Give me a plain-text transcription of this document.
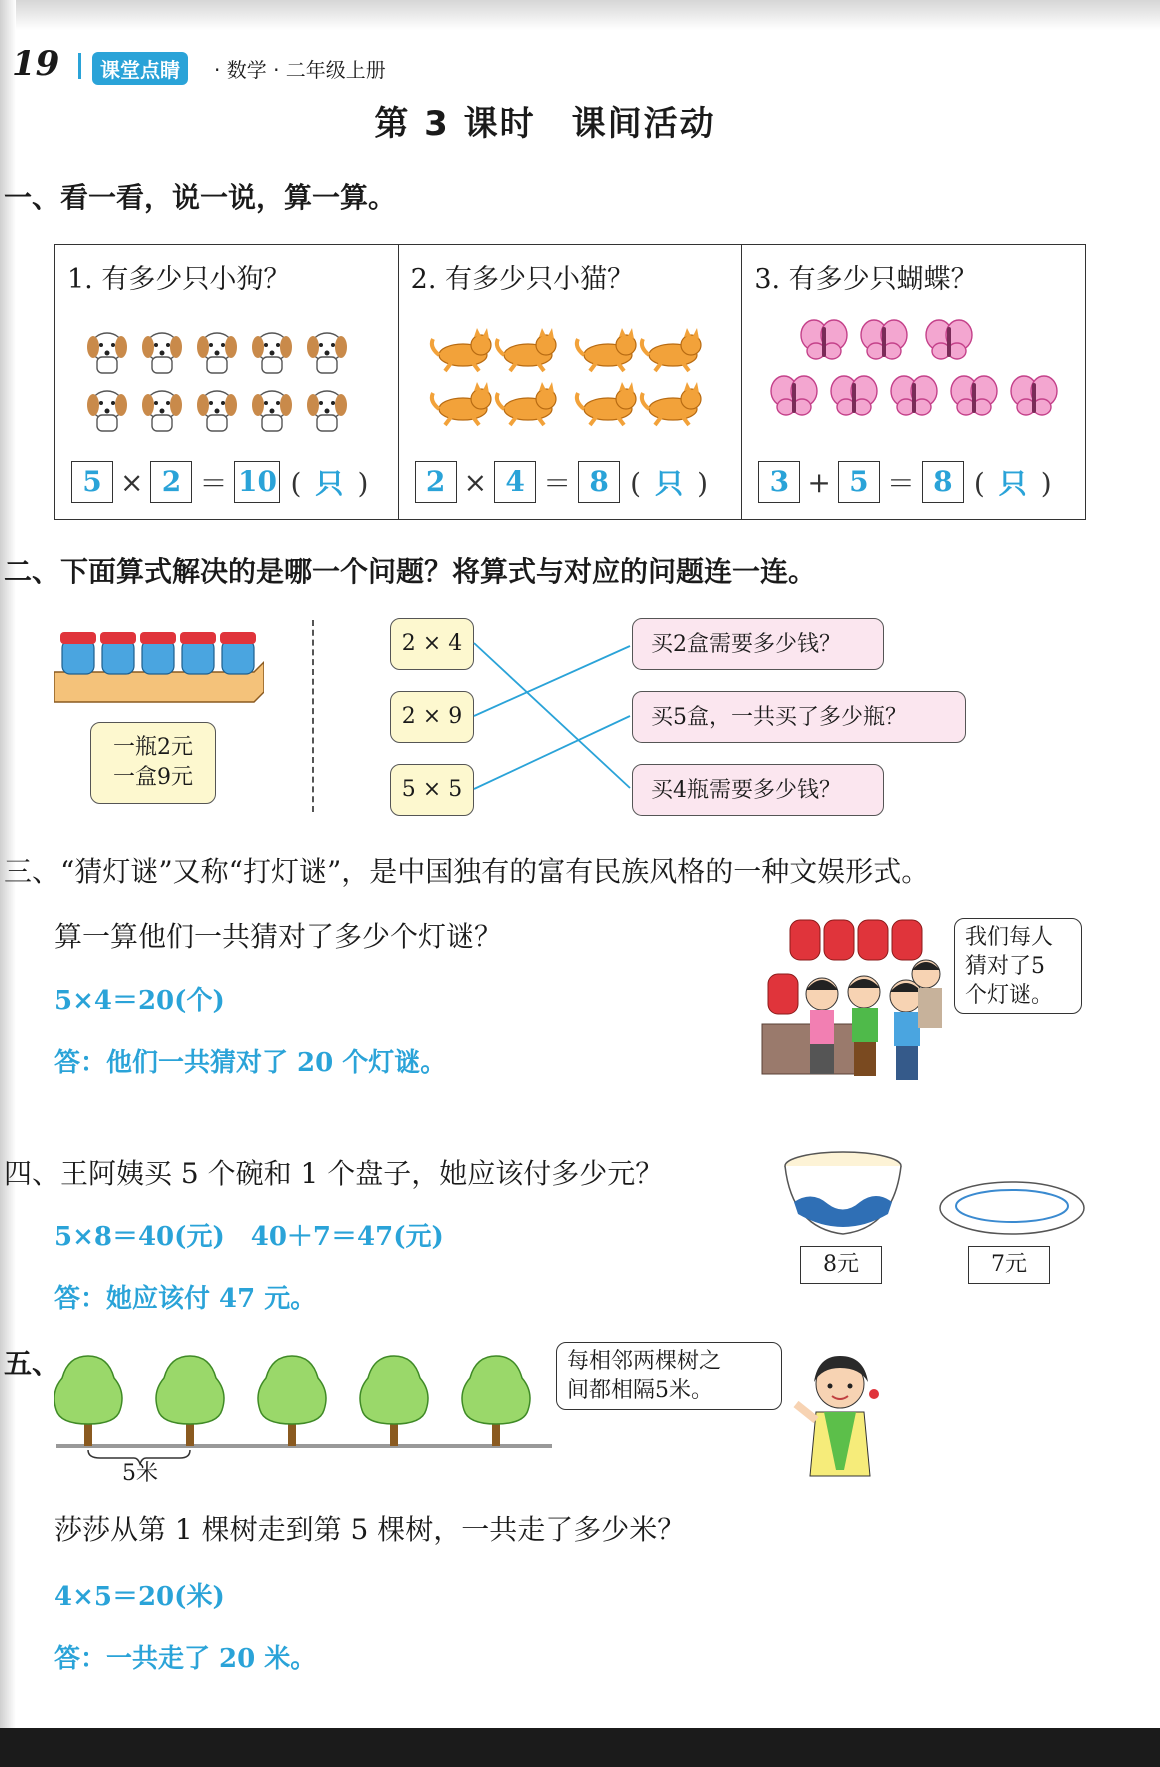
19	课堂点睛	· 数学 · 二年级上册
第 3 课时　课间活动
一、看一看，说一说，算一算。
1. 有多少只小狗？
5 × 2 ＝ 10 ( 只 )
2. 有多少只小猫？
2 × 4 ＝ 8 ( 只 )
3. 有多少只蝴蝶？
3 + 5 ＝ 8 ( 只 )
二、下面算式解决的是哪一个问题？将算式与对应的问题连一连。
一瓶2元
一盒9元
2 × 4
2 × 9
5 × 5
买2盒需要多少钱？
买5盒，一共买了多少瓶？
买4瓶需要多少钱？
三、“猜灯谜”又称“打灯谜”，是中国独有的富有民族风格的一种文娱形式。
算一算他们一共猜对了多少个灯谜？
5×4＝20(个)
答：他们一共猜对了 20 个灯谜。
我们每人
猜对了5
个灯谜。
四、王阿姨买 5 个碗和 1 个盘子，她应该付多少元？
5×8＝40(元)　40＋7＝47(元)
答：她应该付 47 元。
8元	7元
五、
5米
每相邻两棵树之
间都相隔5米。
莎莎从第 1 棵树走到第 5 棵树，一共走了多少米？
4×5＝20(米)
答：一共走了 20 米。
